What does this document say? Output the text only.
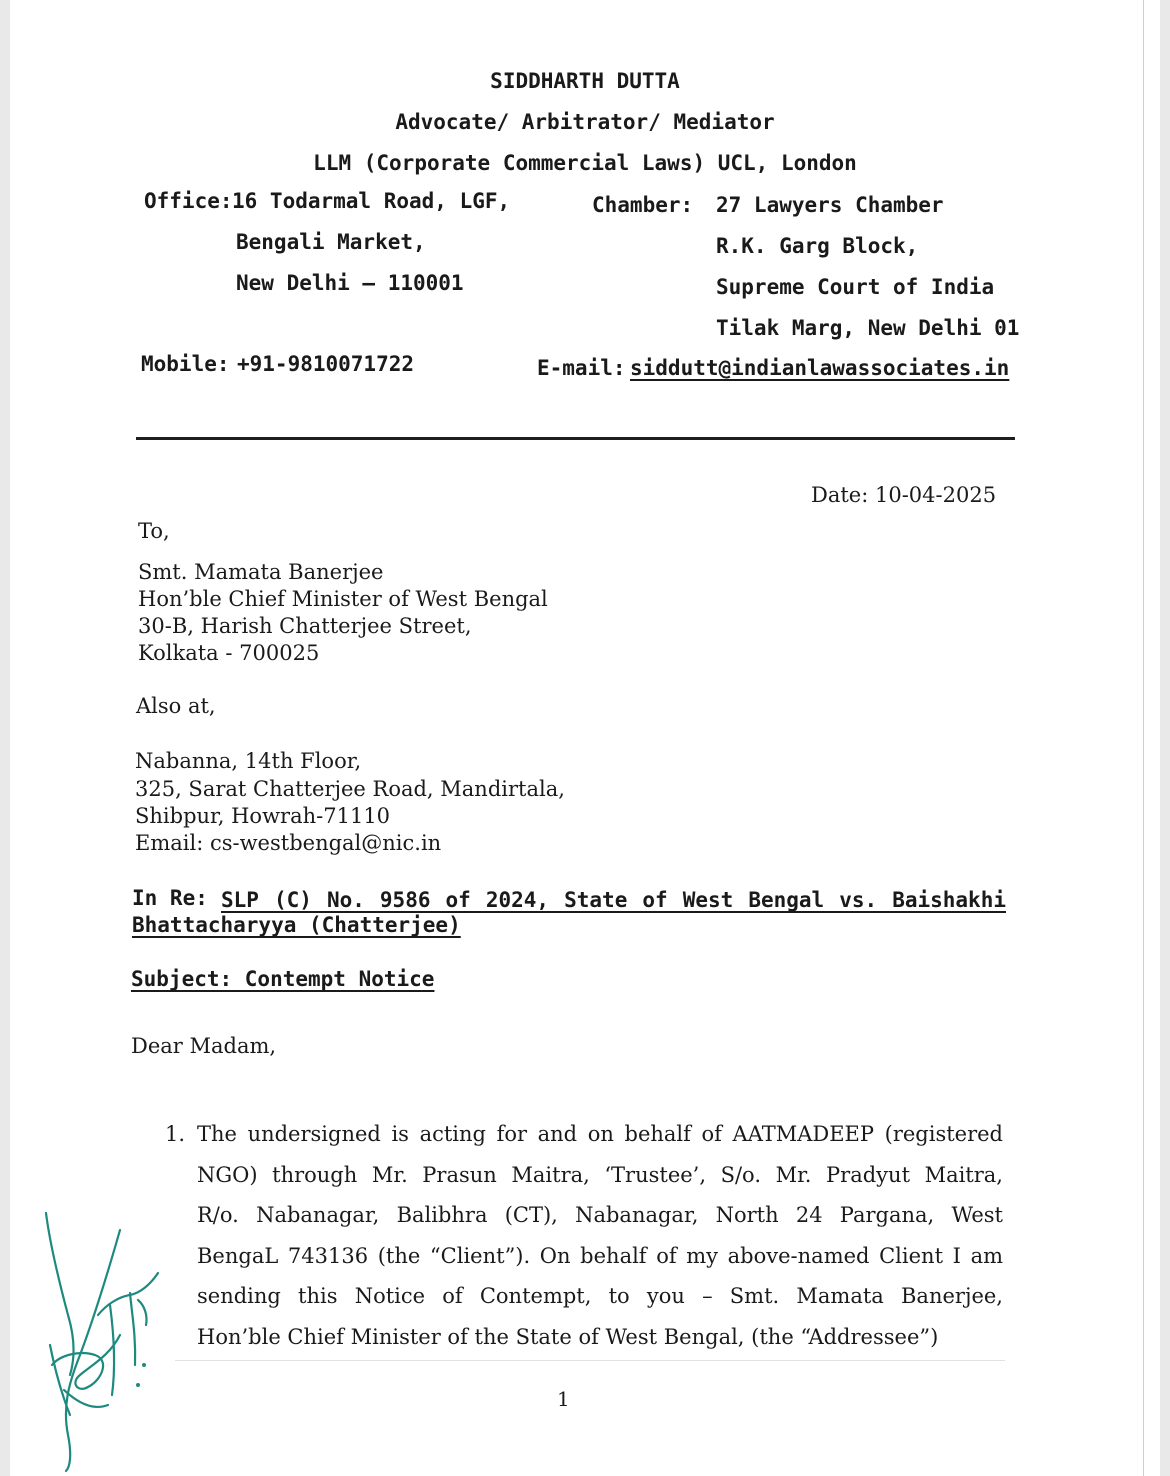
SIDDHARTH DUTTA
Advocate/ Arbitrator/ Mediator
LLM (Corporate Commercial Laws) UCL, London
Office: 16 Todarmal Road, LGF,
Bengali Market,
New Delhi – 110001
Chamber: 27 Lawyers Chamber
R.K. Garg Block,
Supreme Court of India
Tilak Marg, New Delhi 01
Mobile: +91-9810071722	E-mail: siddutt@indianlawassociates.in
Date: 10-04-2025
To,
Smt. Mamata Banerjee
Hon’ble Chief Minister of West Bengal
30-B, Harish Chatterjee Street,
Kolkata - 700025
Also at,
Nabanna, 14th Floor,
325, Sarat Chatterjee Road, Mandirtala,
Shibpur, Howrah-71110
Email: cs-westbengal@nic.in
In Re: SLP (C) No. 9586 of 2024, State of West Bengal vs. Baishakhi
Bhattacharyya (Chatterjee)
Subject: Contempt Notice
Dear Madam,
1. The undersigned is acting for and on behalf of AATMADEEP (registered
NGO) through Mr. Prasun Maitra, ‘Trustee’, S/o. Mr. Pradyut Maitra,
R/o. Nabanagar, Balibhra (CT), Nabanagar, North 24 Pargana, West
BengaL 743136 (the “Client”). On behalf of my above-named Client I am
sending this Notice of Contempt, to you – Smt. Mamata Banerjee,
Hon’ble Chief Minister of the State of West Bengal, (the “Addressee”)
1
